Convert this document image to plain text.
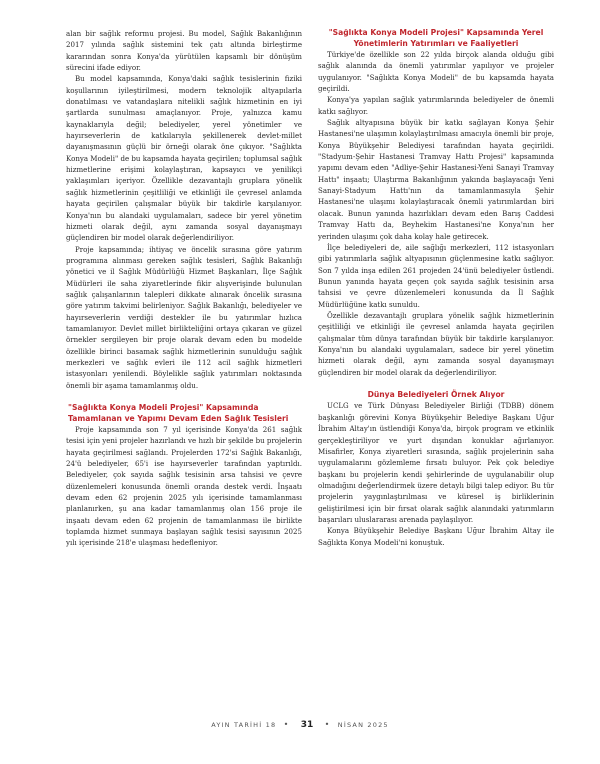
alan bir sağlık reformu projesi. Bu model, Sağlık Bakanlığının 2017 yılında sağlık sistemini tek çatı altında birleştirme kararından sonra Konya'da yürütülen kapsamlı bir dönüşüm sürecini ifade ediyor.

Bu model kapsamında, Konya'daki sağlık tesislerinin fiziki koşullarının iyileştirilmesi, modern teknolojik altyapılarla donatılması ve vatandaşlara nitelikli sağlık hizmetinin en iyi şartlarda sunulması amaçlanıyor. Proje, yalnızca kamu kaynaklarıyla değil; belediyeler, yerel yönetimler ve hayırseverlerin de katkılarıyla şekillenerek devlet-millet dayanışmasının güçlü bir örneği olarak öne çıkıyor. "Sağlıkta Konya Modeli" de bu kapsamda hayata geçirilen; toplumsal sağlık hizmetlerine erişimi kolaylaştıran, kapsayıcı ve yenilikçi yaklaşımları içeriyor. Özellikle dezavantajlı gruplara yönelik sağlık hizmetlerinin çeşitliliği ve etkinliği ile çevresel anlamda hayata geçirilen çalışmalar büyük bir takdirle karşılanıyor. Konya'nın bu alandaki uygulamaları, sadece bir yerel yönetim hizmeti olarak değil, aynı zamanda sosyal dayanışmayı güçlendiren bir model olarak değerlendiriliyor.

Proje kapsamında; ihtiyaç ve öncelik sırasına göre yatırım programına alınması gereken sağlık tesisleri, Sağlık Bakanlığı yönetici ve il Sağlık Müdürlüğü Hizmet Başkanları, İlçe Sağlık Müdürleri ile saha ziyaretlerinde fikir alışverişinde bulunulan sağlık çalışanlarının talepleri dikkate alınarak öncelik sırasına göre yatırım takvimi belirleniyor. Sağlık Bakanlığı, belediyeler ve hayırseverlerin verdiği destekler ile bu yatırımlar hızlıca tamamlanıyor. Devlet millet birlikteliğini ortaya çıkaran ve güzel örnekler sergileyen bir proje olarak devam eden bu modelde özellikle birinci basamak sağlık hizmetlerinin sunulduğu sağlık merkezleri ve sağlık evleri ile 112 acil sağlık hizmetleri istasyonları yenilendi. Böylelikle sağlık yatırımları noktasında önemli bir aşama tamamlanmış oldu.

"Sağlıkta Konya Modeli Projesi" Kapsamında Tamamlanan ve Yapımı Devam Eden Sağlık Tesisleri

Proje kapsamında son 7 yıl içerisinde Konya'da 261 sağlık tesisi için yeni projeler hazırlandı ve hızlı bir şekilde bu projelerin hayata geçirilmesi sağlandı. Projelerden 172'si Sağlık Bakanlığı, 24'ü belediyeler, 65'i ise hayırseverler tarafından yaptırıldı. Belediyeler, çok sayıda sağlık tesisinin arsa tahsisi ve çevre düzenlemeleri konusunda önemli oranda destek verdi. İnşaatı devam eden 62 projenin 2025 yılı içerisinde tamamlanması planlanırken, şu ana kadar tamamlanmış olan 156 proje ile inşaatı devam eden 62 projenin de tamamlanması ile birlikte toplamda hizmet sunmaya başlayan sağlık tesisi sayısının 2025 yılı içerisinde 218'e ulaşması hedefleniyor.

"Sağlıkta Konya Modeli Projesi" Kapsamında Yerel Yönetimlerin Yatırımları ve Faaliyetleri

Türkiye'de özellikle son 22 yılda birçok alanda olduğu gibi sağlık alanında da önemli yatırımlar yapılıyor ve projeler uygulanıyor. "Sağlıkta Konya Modeli" de bu kapsamda hayata geçirildi.

Konya'ya yapılan sağlık yatırımlarında belediyeler de önemli katkı sağlıyor.

Sağlık altyapısına büyük bir katkı sağlayan Konya Şehir Hastanesi'ne ulaşımın kolaylaştırılması amacıyla önemli bir proje, Konya Büyükşehir Belediyesi tarafından hayata geçirildi. "Stadyum-Şehir Hastanesi Tramvay Hattı Projesi" kapsamında yapımı devam eden "Adliye-Şehir Hastanesi-Yeni Sanayi Tramvay Hattı" inşaatı; Ulaştırma Bakanlığının yakında başlayacağı Yeni Sanayi-Stadyum Hattı'nın da tamamlanmasıyla Şehir Hastanesi'ne ulaşımı kolaylaştıracak önemli yatırımlardan biri olacak. Bunun yanında hazırlıkları devam eden Barış Caddesi Tramvay Hattı da, Beyhekim Hastanesi'ne Konya'nın her yerinden ulaşımı çok daha kolay hale getirecek.

İlçe belediyeleri de, aile sağlığı merkezleri, 112 istasyonları gibi yatırımlarla sağlık altyapısının güçlenmesine katkı sağlıyor. Son 7 yılda inşa edilen 261 projeden 24'ünü belediyeler üstlendi. Bunun yanında hayata geçen çok sayıda sağlık tesisinin arsa tahsisi ve çevre düzenlemeleri konusunda da İl Sağlık Müdürlüğüne katkı sunuldu.

Özellikle dezavantajlı gruplara yönelik sağlık hizmetlerinin çeşitliliği ve etkinliği ile çevresel anlamda hayata geçirilen çalışmalar tüm dünya tarafından büyük bir takdirle karşılanıyor. Konya'nın bu alandaki uygulamaları, sadece bir yerel yönetim hizmeti olarak değil, aynı zamanda sosyal dayanışmayı güçlendiren bir model olarak da değerlendiriliyor.

Dünya Belediyeleri Örnek Alıyor

UCLG ve Türk Dünyası Belediyeler Birliği (TDBB) dönem başkanlığı görevini Konya Büyükşehir Belediye Başkanı Uğur İbrahim Altay'ın üstlendiği Konya'da, birçok program ve etkinlik gerçekleştiriliyor ve yurt dışından konuklar ağırlanıyor. Misafirler, Konya ziyaretleri sırasında, sağlık projelerinin saha uygulamalarını gözlemleme fırsatı buluyor. Pek çok belediye başkanı bu projelerin kendi şehirlerinde de uygulanabilir olup olmadığını değerlendirmek üzere detaylı bilgi talep ediyor. Bu tür projelerin yaygınlaştırılması ve küresel iş birliklerinin geliştirilmesi için bir fırsat olarak sağlık alanındaki yatırımların başarıları uluslararası arenada paylaşılıyor.

Konya Büyükşehir Belediye Başkanı Uğur İbrahim Altay ile Sağlıkta Konya Modeli'ni konuştuk.

AYIN TARİHİ 18 • 31 • NİSAN 2025
